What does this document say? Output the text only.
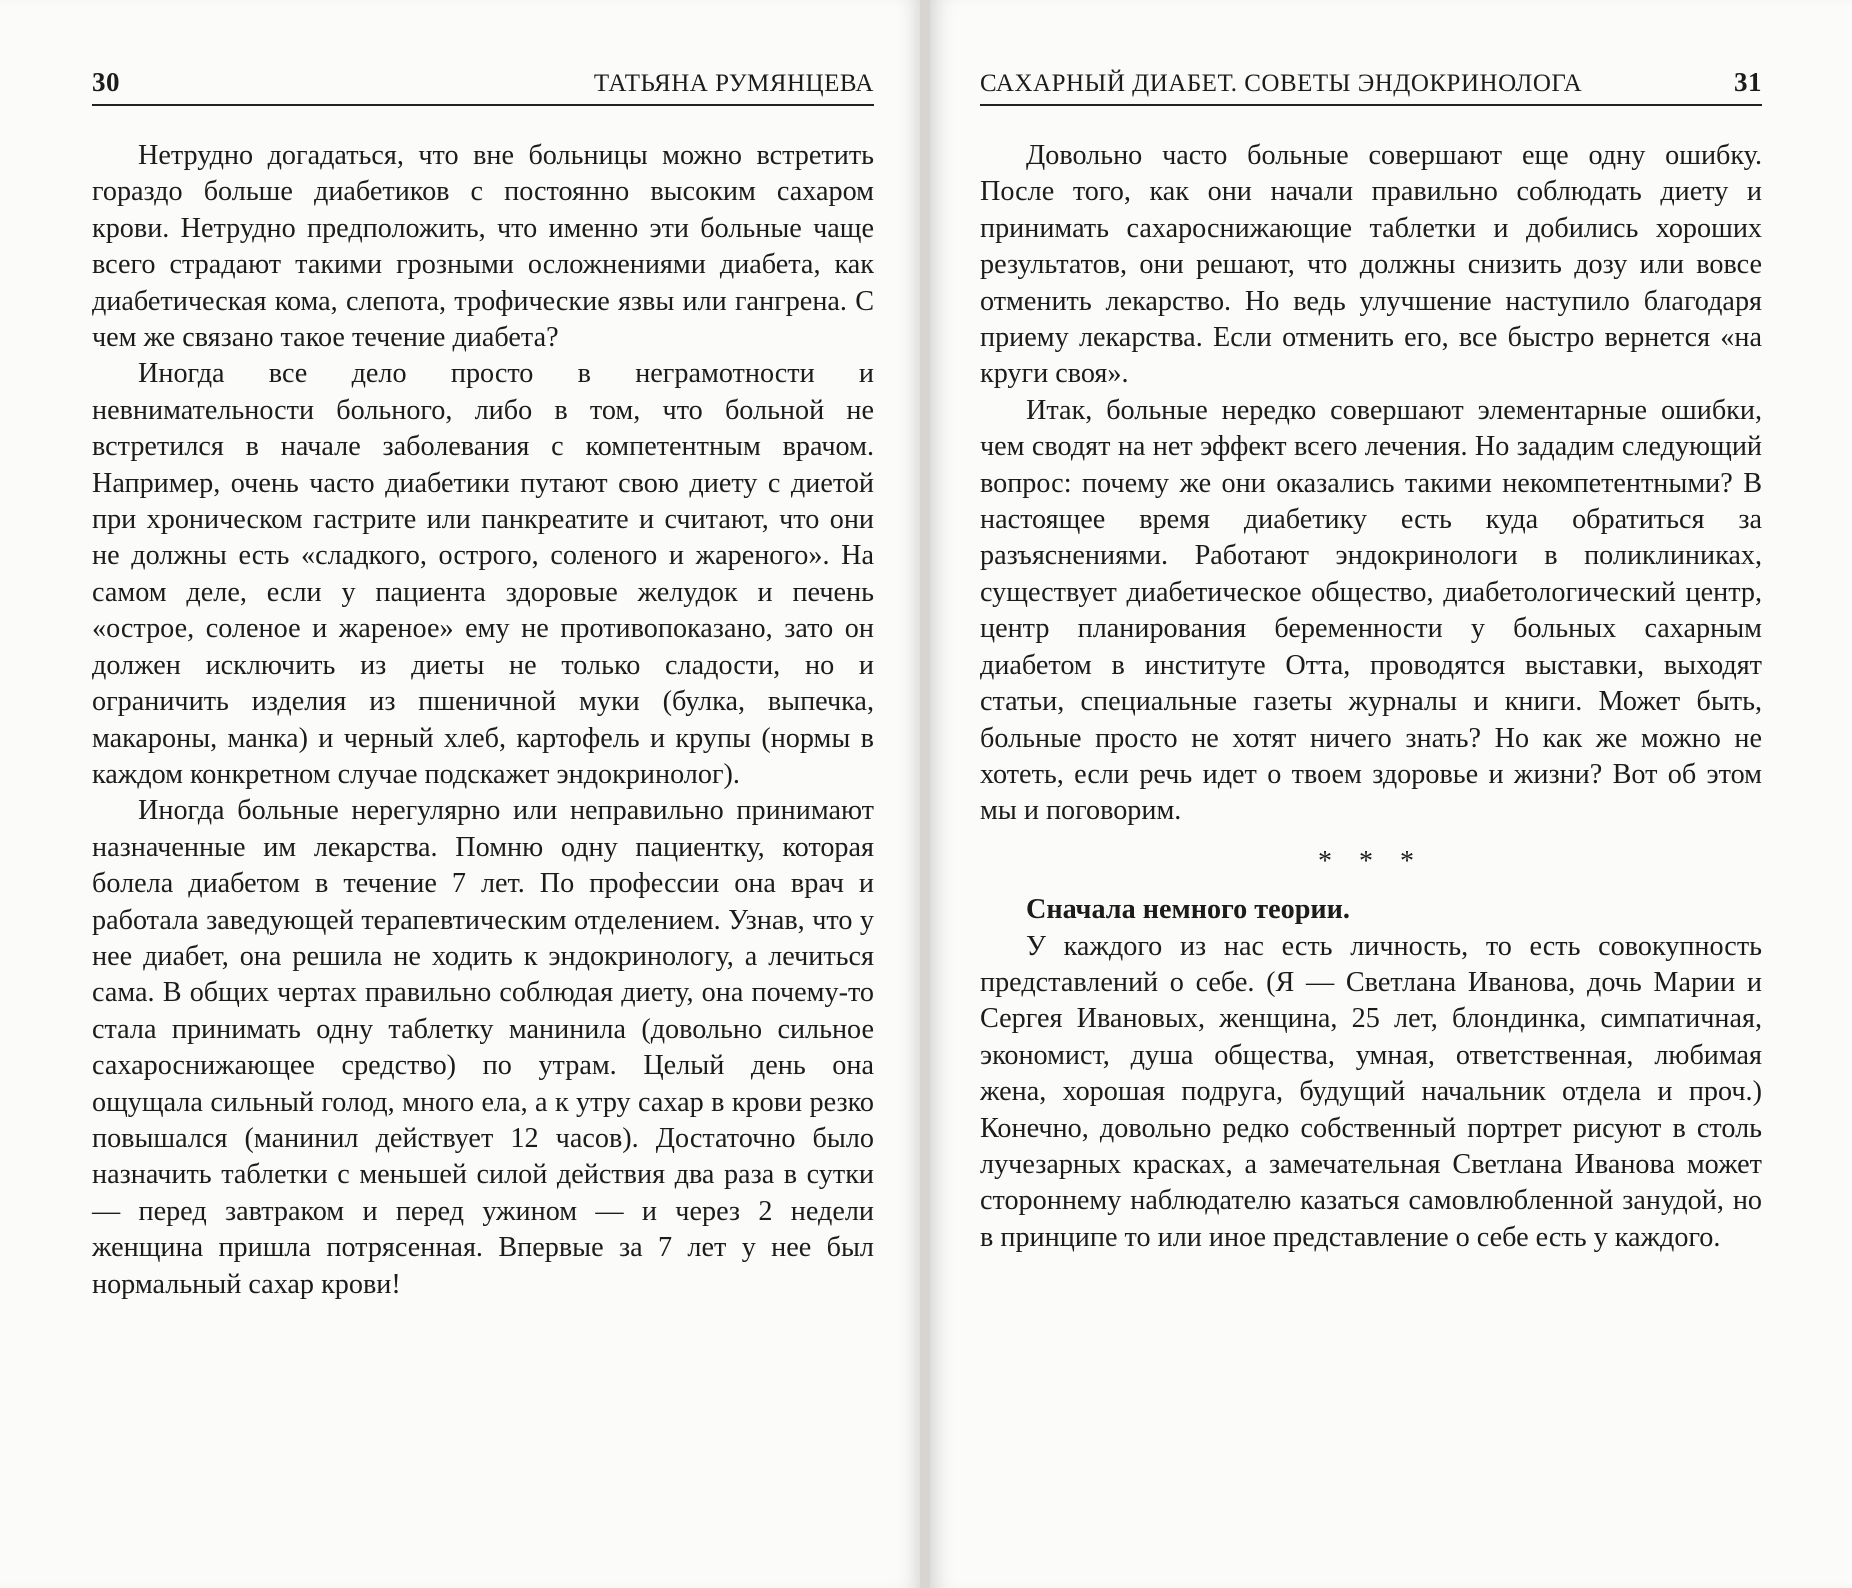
30	ТАТЬЯНА РУМЯНЦЕВА

Нетрудно догадаться, что вне больницы можно встретить гораздо больше диабетиков с постоянно высоким сахаром крови. Нетрудно предположить, что именно эти больные чаще всего страдают такими грозными осложнениями диабета, как диабетическая кома, слепота, трофические язвы или гангрена. С чем же связано такое течение диабета?

Иногда все дело просто в неграмотности и невнимательности больного, либо в том, что больной не встретился в начале заболевания с компетентным врачом. Например, очень часто диабетики путают свою диету с диетой при хроническом гастрите или панкреатите и считают, что они не должны есть «сладкого, острого, соленого и жареного». На самом деле, если у пациента здоровые желудок и печень «острое, соленое и жареное» ему не противопоказано, зато он должен исключить из диеты не только сладости, но и ограничить изделия из пшеничной муки (булка, выпечка, макароны, манка) и черный хлеб, картофель и крупы (нормы в каждом конкретном случае подскажет эндокринолог).

Иногда больные нерегулярно или неправильно принимают назначенные им лекарства. Помню одну пациентку, которая болела диабетом в течение 7 лет. По профессии она врач и работала заведующей терапевтическим отделением. Узнав, что у нее диабет, она решила не ходить к эндокринологу, а лечиться сама. В общих чертах правильно соблюдая диету, она почему-то стала принимать одну таблетку манинила (довольно сильное сахароснижающее средство) по утрам. Целый день она ощущала сильный голод, много ела, а к утру сахар в крови резко повышался (манинил действует 12 часов). Достаточно было назначить таблетки с меньшей силой действия два раза в сутки — перед завтраком и перед ужином — и через 2 недели женщина пришла потрясенная. Впервые за 7 лет у нее был нормальный сахар крови!

САХАРНЫЙ ДИАБЕТ. СОВЕТЫ ЭНДОКРИНОЛОГА	31

Довольно часто больные совершают еще одну ошибку. После того, как они начали правильно соблюдать диету и принимать сахароснижающие таблетки и добились хороших результатов, они решают, что должны снизить дозу или вовсе отменить лекарство. Но ведь улучшение наступило благодаря приему лекарства. Если отменить его, все быстро вернется «на круги своя».

Итак, больные нередко совершают элементарные ошибки, чем сводят на нет эффект всего лечения. Но зададим следующий вопрос: почему же они оказались такими некомпетентными? В настоящее время диабетику есть куда обратиться за разъяснениями. Работают эндокринологи в поликлиниках, существует диабетическое общество, диабетологический центр, центр планирования беременности у больных сахарным диабетом в институте Отта, проводятся выставки, выходят статьи, специальные газеты журналы и книги. Может быть, больные просто не хотят ничего знать? Но как же можно не хотеть, если речь идет о твоем здоровье и жизни? Вот об этом мы и поговорим.

* * *

Сначала немного теории.

У каждого из нас есть личность, то есть совокупность представлений о себе. (Я — Светлана Иванова, дочь Марии и Сергея Ивановых, женщина, 25 лет, блондинка, симпатичная, экономист, душа общества, умная, ответственная, любимая жена, хорошая подруга, будущий начальник отдела и проч.) Конечно, довольно редко собственный портрет рисуют в столь лучезарных красках, а замечательная Светлана Иванова может стороннему наблюдателю казаться самовлюбленной занудой, но в принципе то или иное представление о себе есть у каждого.
